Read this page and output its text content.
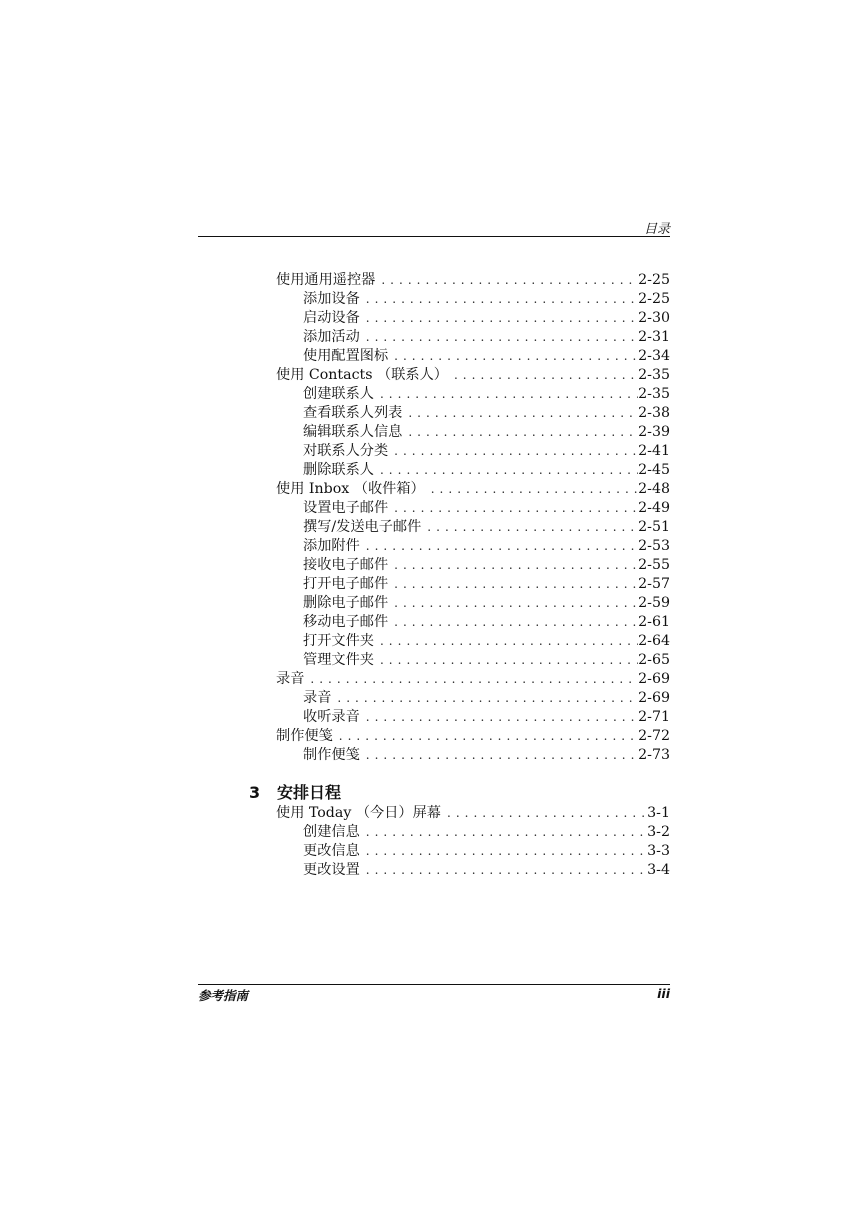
目录
使用通用遥控器 . . .	2-25
添加设备 . . .	2-25
启动设备 . . .	2-30
添加活动 . . .	2-31
使用配置图标 . . .	2-34
使用 Contacts （联系人） . . .	2-35
创建联系人 . . .	2-35
查看联系人列表 . . .	2-38
编辑联系人信息 . . .	2-39
对联系人分类 . . .	2-41
删除联系人 . . .	2-45
使用 Inbox （收件箱） . . .	2-48
设置电子邮件 . . .	2-49
撰写/发送电子邮件 . . .	2-51
添加附件 . . .	2-53
接收电子邮件 . . .	2-55
打开电子邮件 . . .	2-57
删除电子邮件 . . .	2-59
移动电子邮件 . . .	2-61
打开文件夹 . . .	2-64
管理文件夹 . . .	2-65
录音 . . .	2-69
录音 . . .	2-69
收听录音 . . .	2-71
制作便笺 . . .	2-72
制作便笺 . . .	2-73
3	安排日程
使用 Today （今日）屏幕 . . .	3-1
创建信息 . . .	3-2
更改信息 . . .	3-3
更改设置 . . .	3-4
参考指南	iii
